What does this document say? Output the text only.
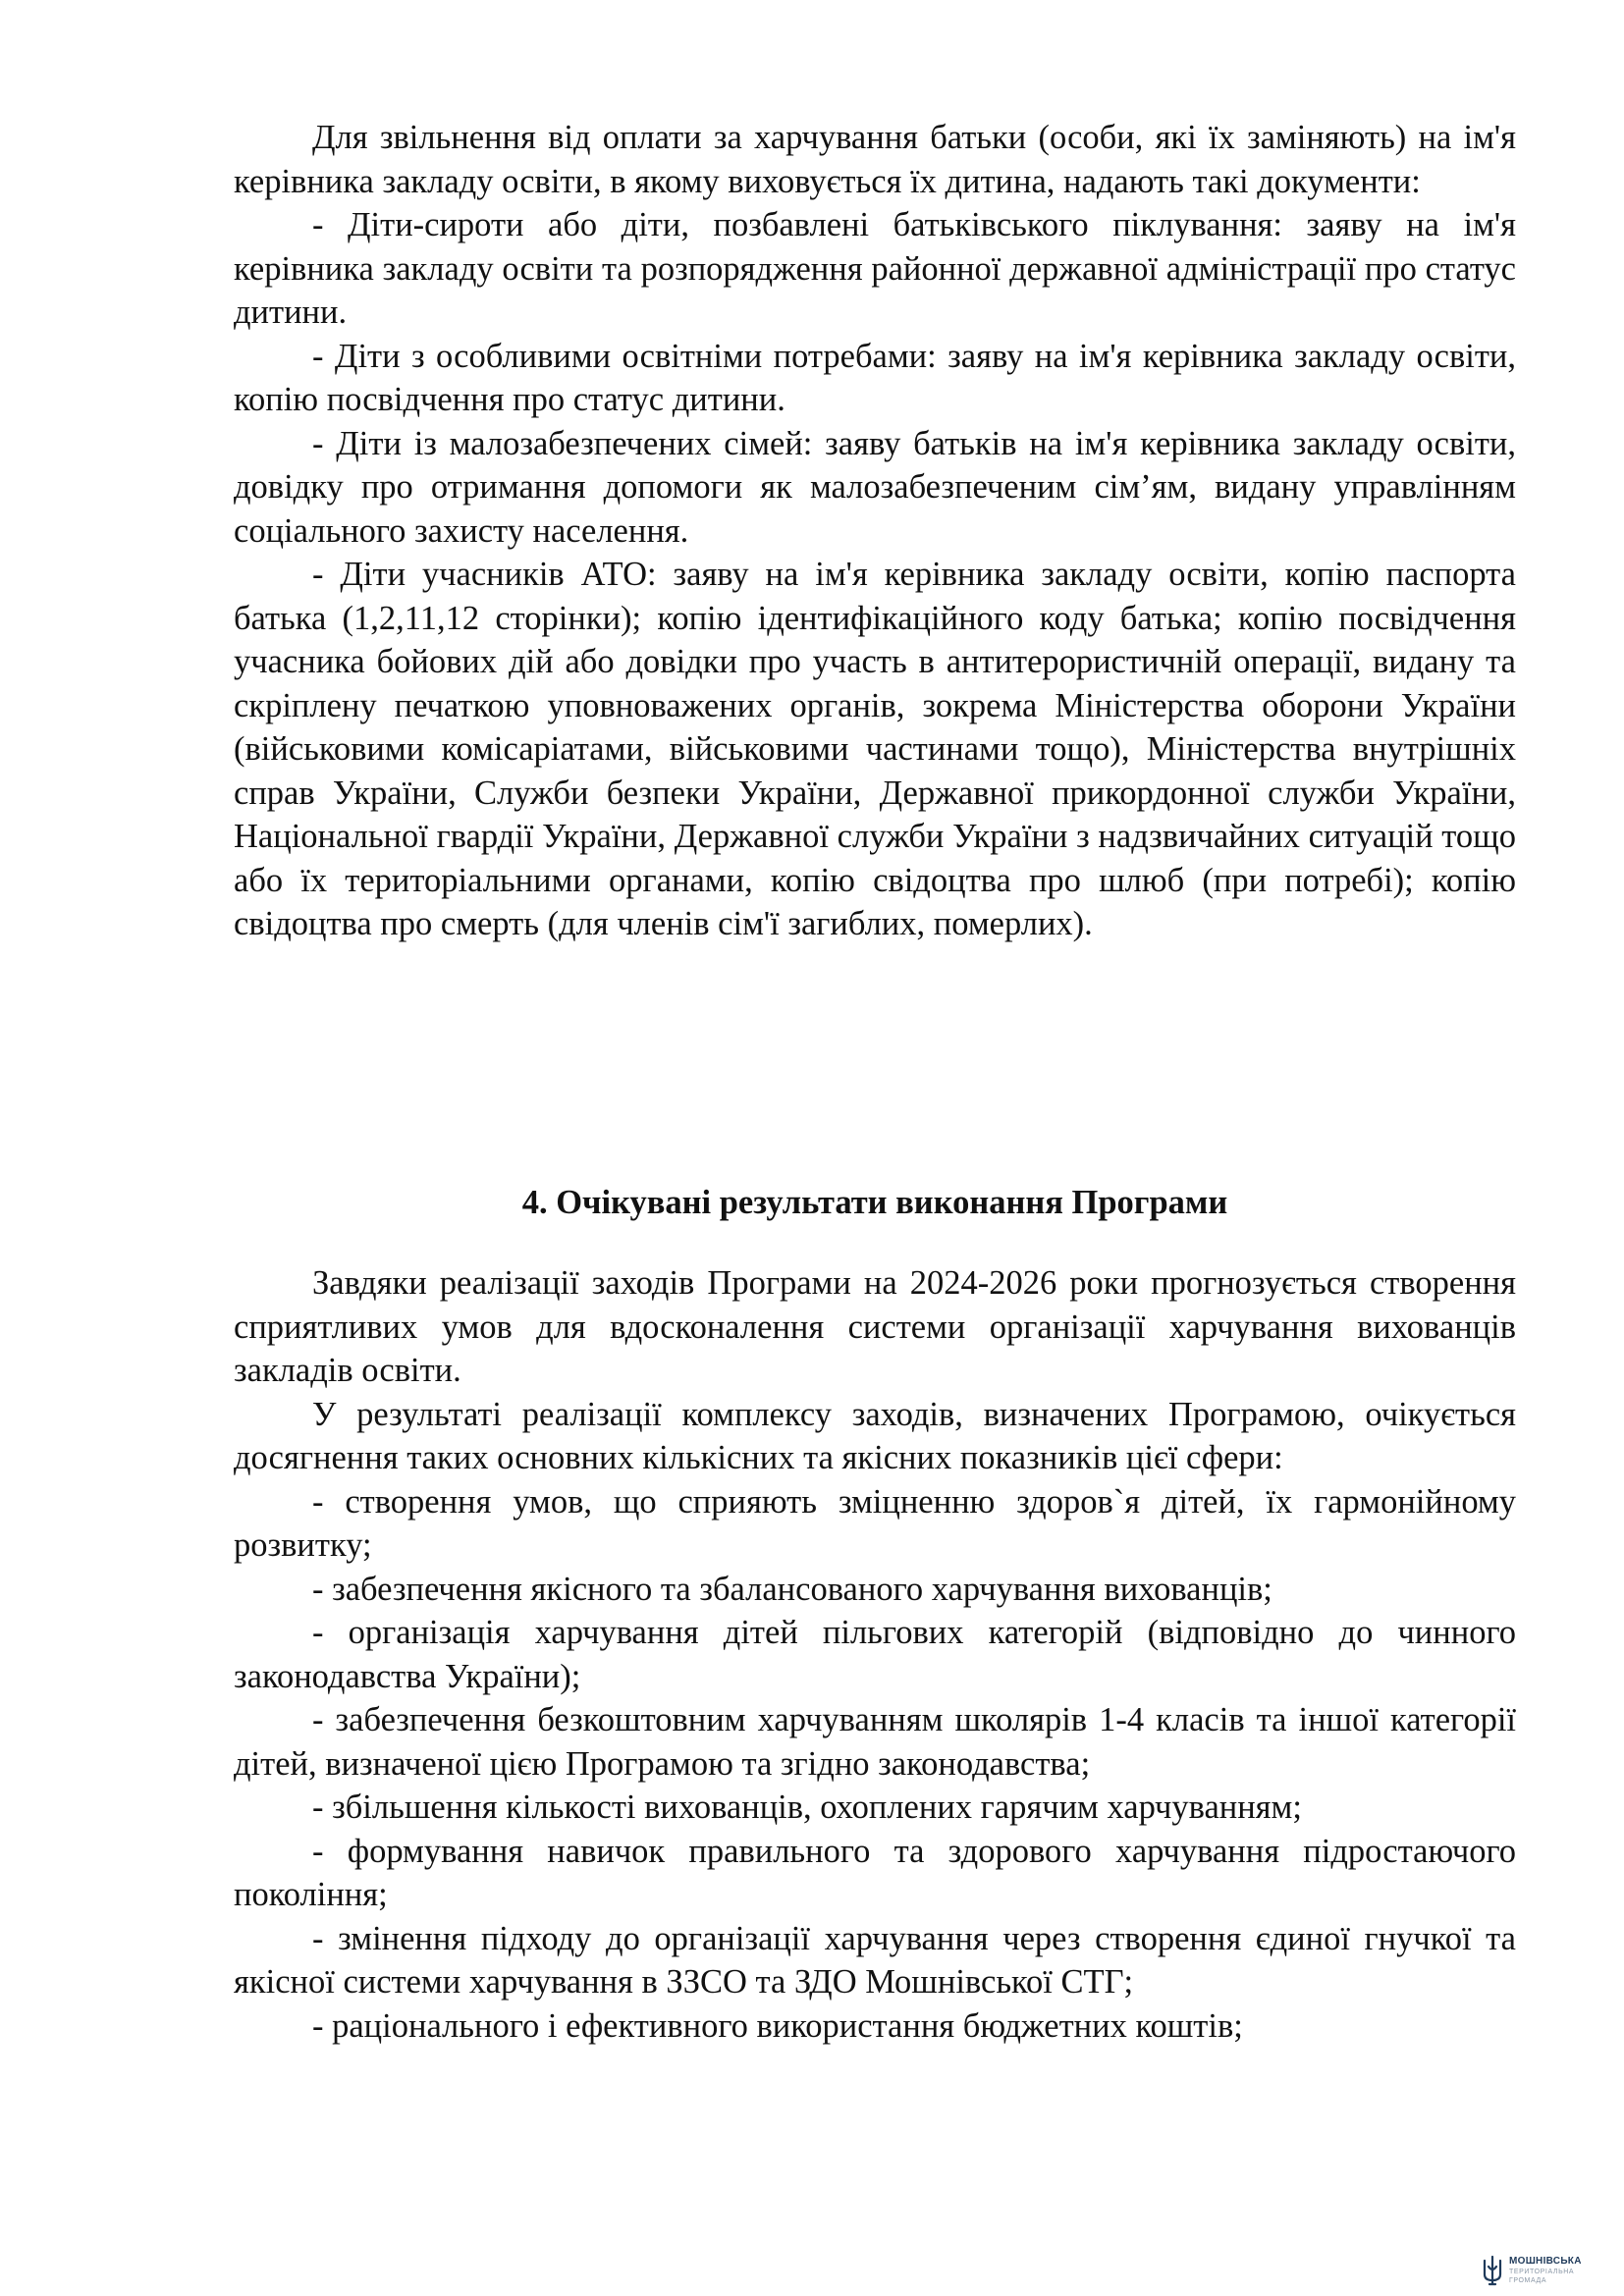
Для звільнення від оплати за харчування батьки (особи, які їх заміняють) на ім'я керівника закладу освіти, в якому виховується їх дитина, надають такі документи:

- Діти-сироти або діти, позбавлені батьківського піклування: заяву на ім'я керівника закладу освіти та розпорядження районної державної адміністрації про статус дитини.

- Діти з особливими освітніми потребами: заяву на ім'я керівника закладу освіти, копію посвідчення про статус дитини.

- Діти із малозабезпечених сімей: заяву батьків на ім'я керівника закладу освіти, довідку про отримання допомоги як малозабезпеченим сім’ям, видану управлінням соціального захисту населення.

- Діти учасників АТО: заяву на ім'я керівника закладу освіти, копію паспорта батька (1,2,11,12 сторінки); копію ідентифікаційного коду батька; копію посвідчення учасника бойових дій або довідки про участь в антитерористичній операції, видану та скріплену печаткою уповноважених органів, зокрема Міністерства оборони України (військовими комісаріатами, військовими частинами тощо), Міністерства внутрішніх справ України, Служби безпеки України, Державної прикордонної служби України, Національної гвардії України, Державної служби України з надзвичайних ситуацій тощо або їх територіальними органами, копію свідоцтва про шлюб (при потребі); копію свідоцтва про смерть (для членів сім'ї загиблих, померлих).

4. Очікувані результати виконання Програми

Завдяки реалізації заходів Програми на 2024-2026 роки прогнозується створення сприятливих умов для вдосконалення системи організації харчування вихованців закладів освіти.

У результаті реалізації комплексу заходів, визначених Програмою, очікується досягнення таких основних кількісних та якісних показників цієї сфери:

- створення умов, що сприяють зміцненню здоров`я дітей, їх гармонійному розвитку;

- забезпечення якісного та збалансованого харчування вихованців;

- організація харчування дітей пільгових категорій (відповідно до чинного законодавства України);

- забезпечення безкоштовним харчуванням школярів 1-4 класів та іншої категорії дітей, визначеної цією Програмою та згідно законодавства;

- збільшення кількості вихованців, охоплених гарячим харчуванням;

- формування навичок правильного та здорового харчування підростаючого покоління;

- змінення підходу до організації харчування через створення єдиної гнучкої та якісної системи харчування в ЗЗСО та ЗДО Мошнівської СТГ;

- раціонального і ефективного використання бюджетних коштів;

МОШНІВСЬКА
ТЕРИТОРІАЛЬНА
ГРОМАДА
